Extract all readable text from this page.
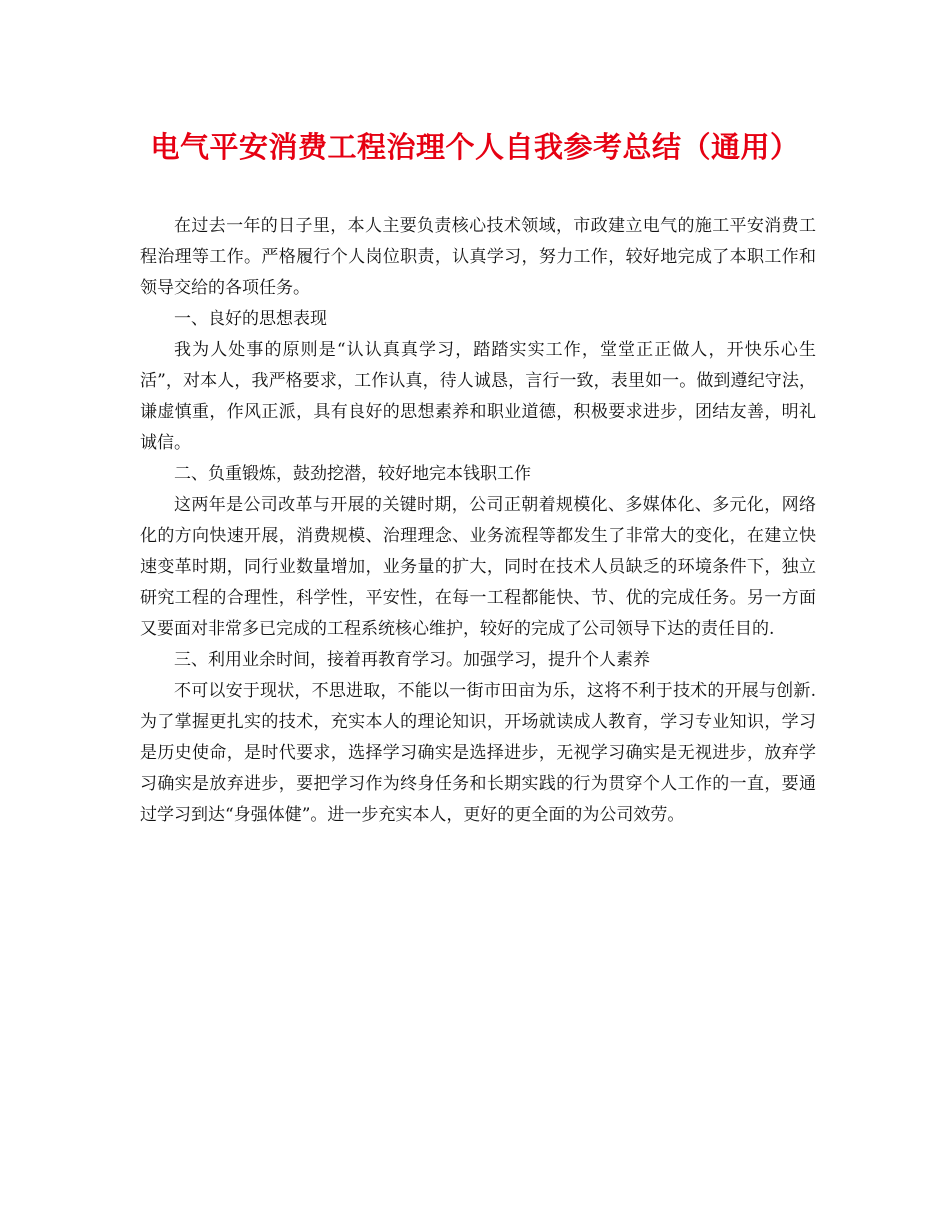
电气平安消费工程治理个人自我参考总结（通用）

在过去一年的日子里，本人主要负责核心技术领域，市政建立电气的施工平安消费工程治理等工作。严格履行个人岗位职责，认真学习，努力工作，较好地完成了本职工作和领导交给的各项任务。

一、良好的思想表现

我为人处事的原则是“认认真真学习，踏踏实实工作，堂堂正正做人，开快乐心生活”，对本人，我严格要求，工作认真，待人诚恳，言行一致，表里如一。做到遵纪守法，谦虚慎重，作风正派，具有良好的思想素养和职业道德，积极要求进步，团结友善，明礼诚信。

二、负重锻炼，鼓劲挖潜，较好地完本钱职工作

这两年是公司改革与开展的关键时期，公司正朝着规模化、多媒体化、多元化，网络化的方向快速开展，消费规模、治理理念、业务流程等都发生了非常大的变化，在建立快速变革时期，同行业数量增加，业务量的扩大，同时在技术人员缺乏的环境条件下，独立研究工程的合理性，科学性，平安性，在每一工程都能快、节、优的完成任务。另一方面又要面对非常多已完成的工程系统核心维护，较好的完成了公司领导下达的责任目的.

三、利用业余时间，接着再教育学习。加强学习，提升个人素养

不可以安于现状，不思进取，不能以一街市田亩为乐，这将不利于技术的开展与创新.为了掌握更扎实的技术，充实本人的理论知识，开场就读成人教育，学习专业知识，学习是历史使命，是时代要求，选择学习确实是选择进步，无视学习确实是无视进步，放弃学习确实是放弃进步，要把学习作为终身任务和长期实践的行为贯穿个人工作的一直，要通过学习到达“身强体健”。进一步充实本人，更好的更全面的为公司效劳。
